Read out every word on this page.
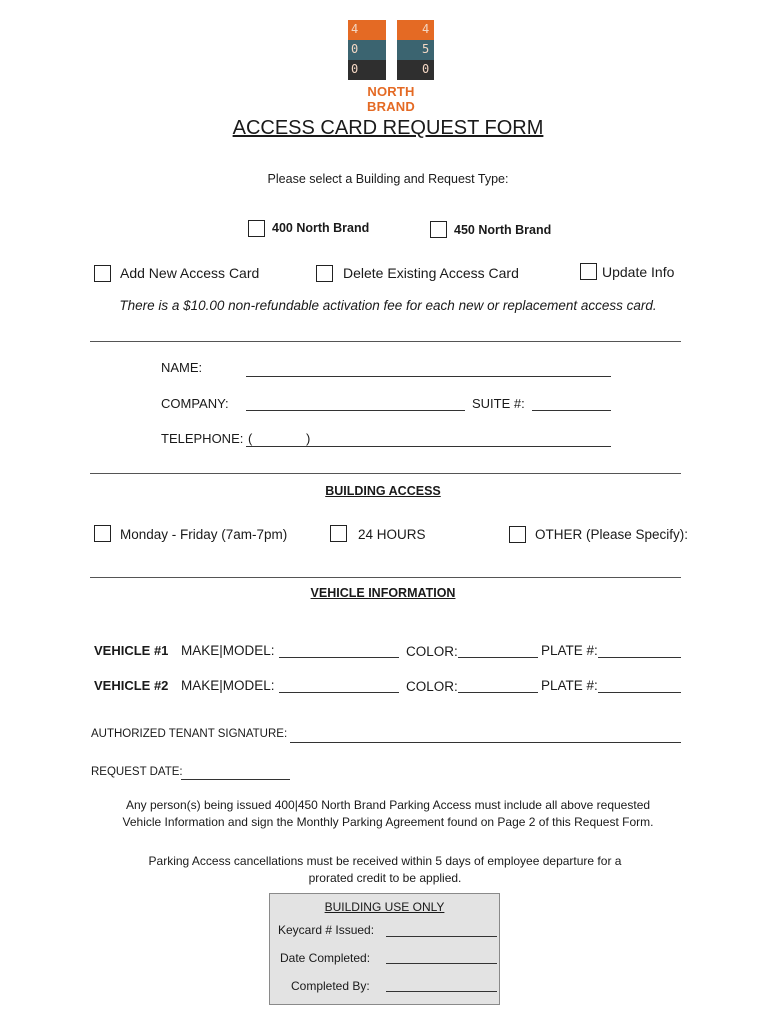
4
0
0
4
5
0
NORTH BRAND
ACCESS CARD REQUEST FORM
Please select a Building and Request Type:
400 North Brand	450 North Brand
Add New Access Card	Delete Existing Access Card	Update Info
There is a $10.00 non-refundable activation fee for each new or replacement access card.
NAME:
COMPANY:	SUITE #:
TELEPHONE: (	)
BUILDING ACCESS
Monday - Friday (7am-7pm)	24 HOURS	OTHER (Please Specify):
VEHICLE INFORMATION
VEHICLE #1 MAKE|MODEL:	COLOR:	PLATE #:
VEHICLE #2 MAKE|MODEL:	COLOR:	PLATE #:
AUTHORIZED TENANT SIGNATURE:
REQUEST DATE:
Any person(s) being issued 400|450 North Brand Parking Access must include all above requested
Vehicle Information and sign the Monthly Parking Agreement found on Page 2 of this Request Form.
Parking Access cancellations must be received within 5 days of employee departure for a
prorated credit to be applied.
BUILDING USE ONLY
Keycard # Issued:
Date Completed:
Completed By:
